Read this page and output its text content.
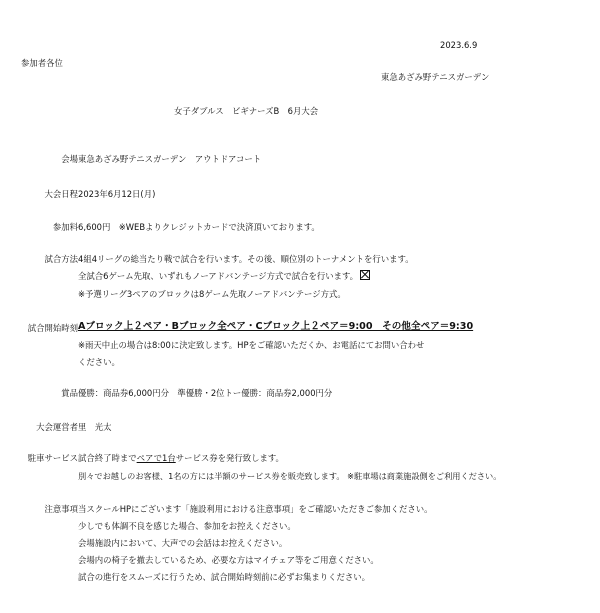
2023.6.9
参加者各位
東急あざみ野テニスガーデン
女子ダブルス　ビギナーズB　6月大会
会場 東急あざみ野テニスガーデン　アウトドアコート
大会日程 2023年6月12日(月)
参加料 6,600円　※WEBよりクレジットカードで決済頂いております。
試合方法 4組4リーグの総当たり戦で試合を行います。その後、順位別のトーナメントを行います。
全試合6ゲーム先取、いずれもノーアドバンテージ方式で試合を行います。
※予選リーグ3ペアのブロックは8ゲーム先取ノーアドバンテージ方式。
試合開始時刻 Aブロック上２ペア・Bブロック全ペア・Cブロック上２ペア＝9:00　その他全ペア＝9:30
※雨天中止の場合は8:00に決定致します。HPをご確認いただくか、お電話にてお問い合わせ
ください。
賞品 優勝：商品券6,000円分　準優勝・2位トー優勝：商品券2,000円分
大会運営者 里　光太
駐車サービス 試合終了時までペアで1台サービス券を発行致します。
別々でお越しのお客様、1名の方には半額のサービス券を販売致します。 ※駐車場は商業施設側をご利用ください。
注意事項 当スクールHPにございます「施設利用における注意事項」をご確認いただきご参加ください。
少しでも体調不良を感じた場合、参加をお控えください。
会場施設内において、大声での会話はお控えください。
会場内の椅子を撤去しているため、必要な方はマイチェア等をご用意ください。
試合の進行をスムーズに行うため、試合開始時刻前に必ずお集まりください。
